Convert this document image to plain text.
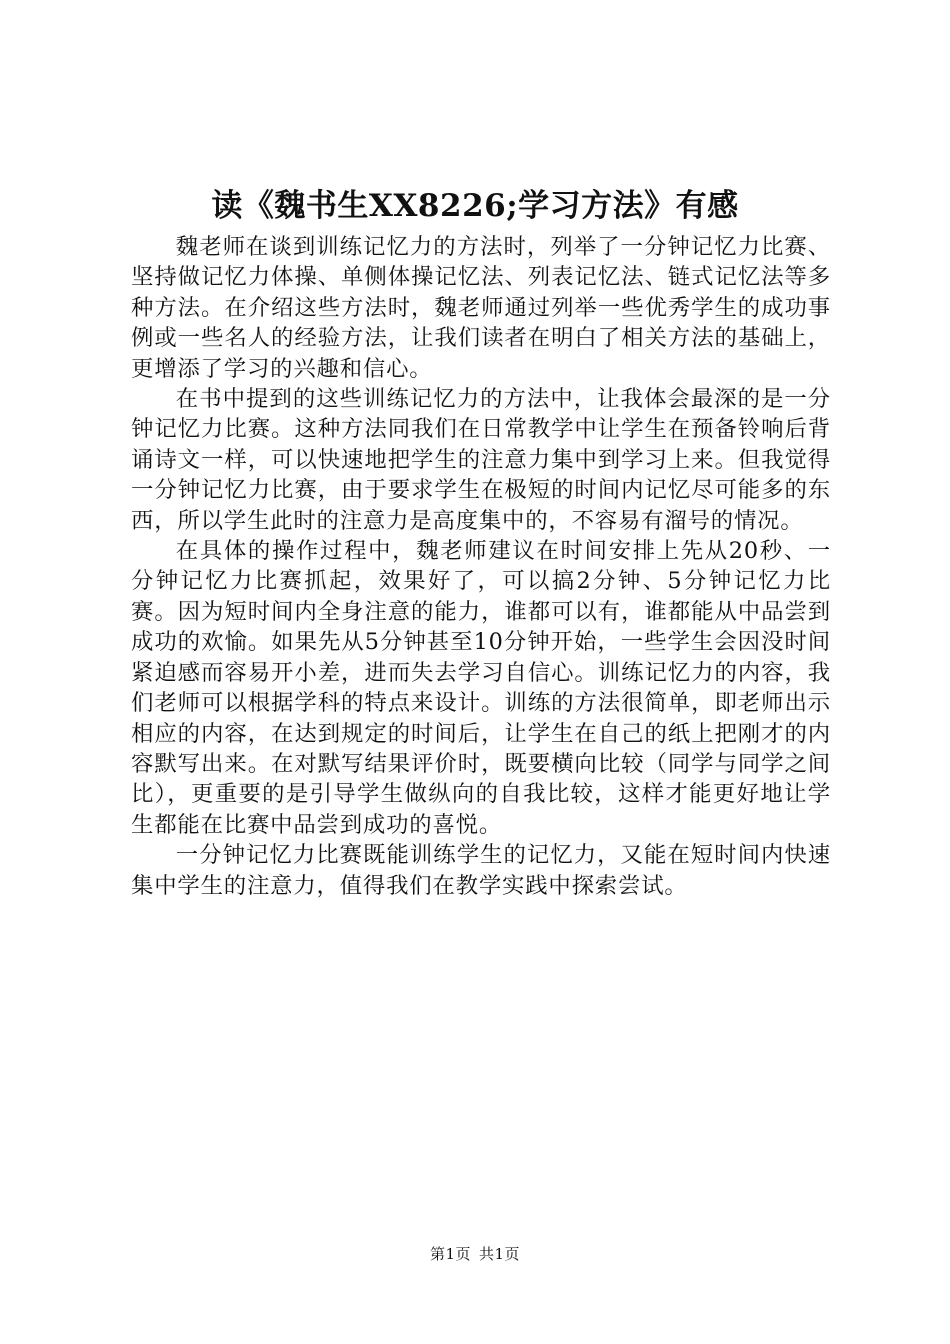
读《魏书生XX8226;学习方法》有感

魏老师在谈到训练记忆力的方法时，列举了一分钟记忆力比赛、坚持做记忆力体操、单侧体操记忆法、列表记忆法、链式记忆法等多种方法。在介绍这些方法时，魏老师通过列举一些优秀学生的成功事例或一些名人的经验方法，让我们读者在明白了相关方法的基础上，更增添了学习的兴趣和信心。

在书中提到的这些训练记忆力的方法中，让我体会最深的是一分钟记忆力比赛。这种方法同我们在日常教学中让学生在预备铃响后背诵诗文一样，可以快速地把学生的注意力集中到学习上来。但我觉得一分钟记忆力比赛，由于要求学生在极短的时间内记忆尽可能多的东西，所以学生此时的注意力是高度集中的，不容易有溜号的情况。

在具体的操作过程中，魏老师建议在时间安排上先从20秒、一分钟记忆力比赛抓起，效果好了，可以搞2分钟、5分钟记忆力比赛。因为短时间内全身注意的能力，谁都可以有，谁都能从中品尝到成功的欢愉。如果先从5分钟甚至10分钟开始，一些学生会因没时间紧迫感而容易开小差，进而失去学习自信心。训练记忆力的内容，我们老师可以根据学科的特点来设计。训练的方法很简单，即老师出示相应的内容，在达到规定的时间后，让学生在自己的纸上把刚才的内容默写出来。在对默写结果评价时，既要横向比较（同学与同学之间比），更重要的是引导学生做纵向的自我比较，这样才能更好地让学生都能在比赛中品尝到成功的喜悦。

一分钟记忆力比赛既能训练学生的记忆力，又能在短时间内快速集中学生的注意力，值得我们在教学实践中探索尝试。

第1页 共1页
